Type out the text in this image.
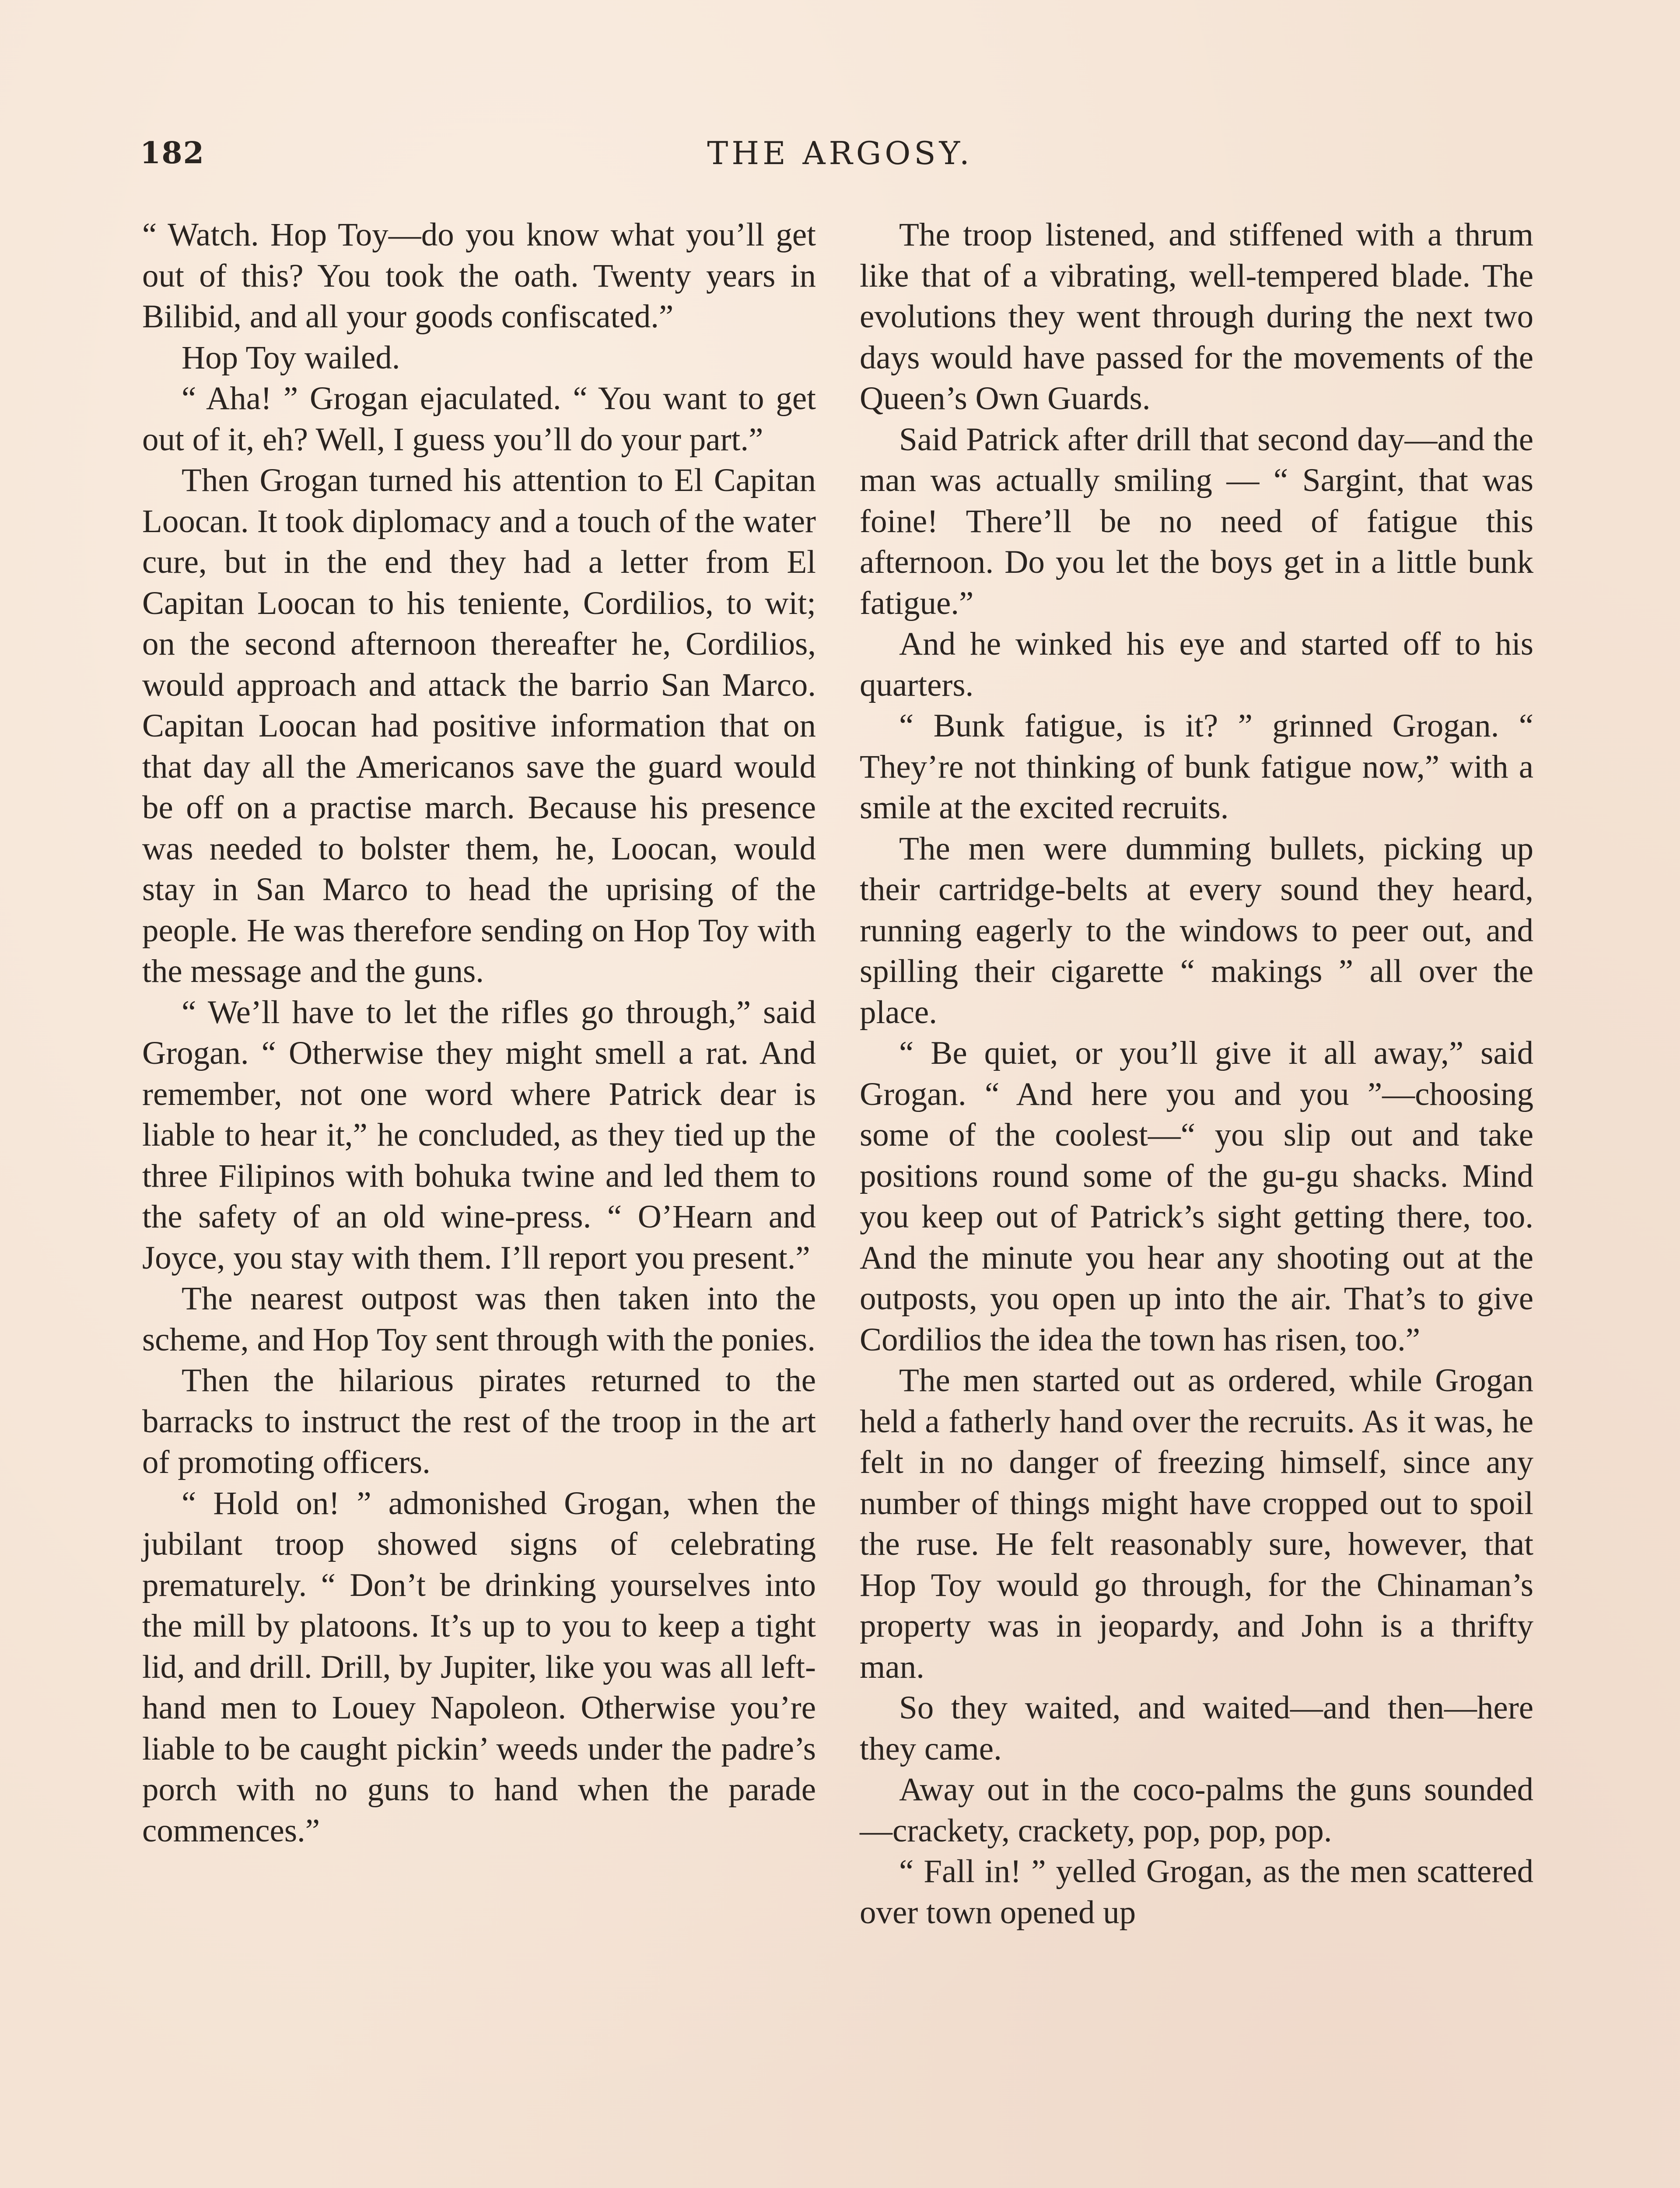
182	THE ARGOSY.

“ Watch. Hop Toy—do you know what you’ll get out of this? You took the oath. Twenty years in Bilibid, and all your goods confiscated.”

Hop Toy wailed.

“ Aha! ” Grogan ejaculated. “ You want to get out of it, eh? Well, I guess you’ll do your part.”

Then Grogan turned his attention to El Capitan Loocan. It took diplomacy and a touch of the water cure, but in the end they had a letter from El Capitan Loocan to his teniente, Cordilios, to wit; on the second afternoon thereafter he, Cordilios, would approach and attack the barrio San Marco. Capitan Loocan had positive information that on that day all the Americanos save the guard would be off on a practise march. Because his presence was needed to bolster them, he, Loocan, would stay in San Marco to head the uprising of the people. He was therefore sending on Hop Toy with the message and the guns.

“ We’ll have to let the rifles go through,” said Grogan. “ Otherwise they might smell a rat. And remember, not one word where Patrick dear is liable to hear it,” he concluded, as they tied up the three Filipinos with bohuka twine and led them to the safety of an old wine-press. “ O’Hearn and Joyce, you stay with them. I’ll report you present.”

The nearest outpost was then taken into the scheme, and Hop Toy sent through with the ponies.

Then the hilarious pirates returned to the barracks to instruct the rest of the troop in the art of promoting officers.

“ Hold on! ” admonished Grogan, when the jubilant troop showed signs of celebrating prematurely. “ Don’t be drinking yourselves into the mill by platoons. It’s up to you to keep a tight lid, and drill. Drill, by Jupiter, like you was all left-hand men to Louey Napoleon. Otherwise you’re liable to be caught pickin’ weeds under the padre’s porch with no guns to hand when the parade commences.”

The troop listened, and stiffened with a thrum like that of a vibrating, well-tempered blade. The evolutions they went through during the next two days would have passed for the movements of the Queen’s Own Guards.

Said Patrick after drill that second day—and the man was actually smiling — “ Sargint, that was foine! There’ll be no need of fatigue this afternoon. Do you let the boys get in a little bunk fatigue.”

And he winked his eye and started off to his quarters.

“ Bunk fatigue, is it? ” grinned Grogan. “ They’re not thinking of bunk fatigue now,” with a smile at the excited recruits.

The men were dumming bullets, picking up their cartridge-belts at every sound they heard, running eagerly to the windows to peer out, and spilling their cigarette “ makings ” all over the place.

“ Be quiet, or you’ll give it all away,” said Grogan. “ And here you and you ”—choosing some of the coolest—“ you slip out and take positions round some of the gu-gu shacks. Mind you keep out of Patrick’s sight getting there, too. And the minute you hear any shooting out at the outposts, you open up into the air. That’s to give Cordilios the idea the town has risen, too.”

The men started out as ordered, while Grogan held a fatherly hand over the recruits. As it was, he felt in no danger of freezing himself, since any number of things might have cropped out to spoil the ruse. He felt reasonably sure, however, that Hop Toy would go through, for the Chinaman’s property was in jeopardy, and John is a thrifty man.

So they waited, and waited—and then—here they came.

Away out in the coco-palms the guns sounded—crackety, crackety, pop, pop, pop.

“ Fall in! ” yelled Grogan, as the men scattered over town opened up
